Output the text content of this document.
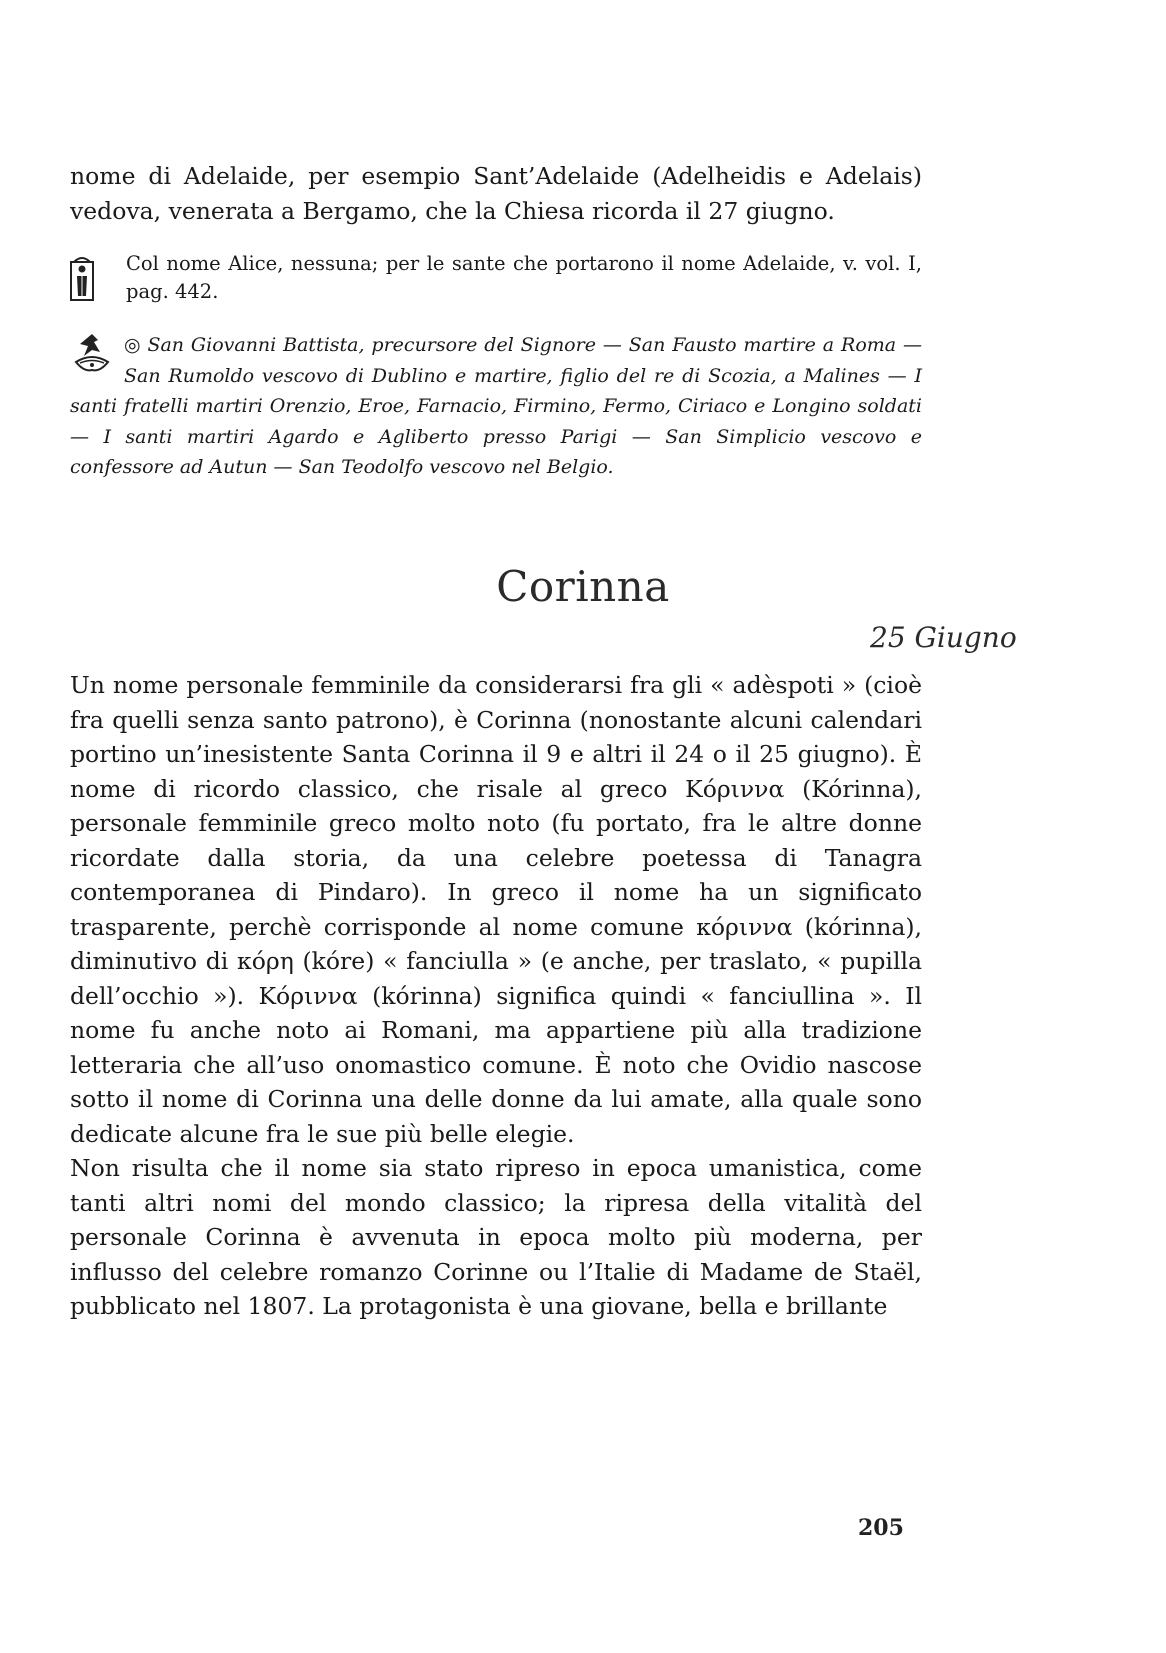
nome di Adelaide, per esempio Sant’Adelaide (Adelheidis e Adelais) vedova, venerata a Bergamo, che la Chiesa ricorda il 27 giugno.

Col nome Alice, nessuna; per le sante che portarono il nome Adelaide, v. vol. I, pag. 442.
◎ San Giovanni Battista, precursore del Signore — San Fausto martire a Roma — San Rumoldo vescovo di Dublino e martire, figlio del re di Scozia, a Malines — I santi fratelli martiri Orenzio, Eroe, Farnacio, Firmino, Fermo, Ciriaco e Longino soldati — I santi martiri Agardo e Agliberto presso Parigi — San Simplicio vescovo e confessore ad Autun — San Teodolfo vescovo nel Belgio.
Corinna
25 Giugno

Un nome personale femminile da considerarsi fra gli « adèspoti » (cioè fra quelli senza santo patrono), è Corinna (nonostante alcuni calendari portino un’inesistente Santa Corinna il 9 e altri il 24 o il 25 giugno). È nome di ricordo classico, che risale al greco Κόριννα (Kórinna), personale femminile greco molto noto (fu portato, fra le altre donne ricordate dalla storia, da una celebre poetessa di Tanagra contemporanea di Pindaro). In greco il nome ha un significato trasparente, perchè corrisponde al nome comune κόριννα (kórinna), diminutivo di κόρη (kóre) « fanciulla » (e anche, per traslato, « pupilla dell’occhio »). Κόριννα (kórinna) significa quindi « fanciullina ». Il nome fu anche noto ai Romani, ma appartiene più alla tradizione letteraria che all’uso onomastico comune. È noto che Ovidio nascose sotto il nome di Corinna una delle donne da lui amate, alla quale sono dedicate alcune fra le sue più belle elegie.

Non risulta che il nome sia stato ripreso in epoca umanistica, come tanti altri nomi del mondo classico; la ripresa della vitalità del personale Corinna è avvenuta in epoca molto più moderna, per influsso del celebre romanzo Corinne ou l’Italie di Madame de Staël, pubblicato nel 1807. La protagonista è una giovane, bella e brillante

205
